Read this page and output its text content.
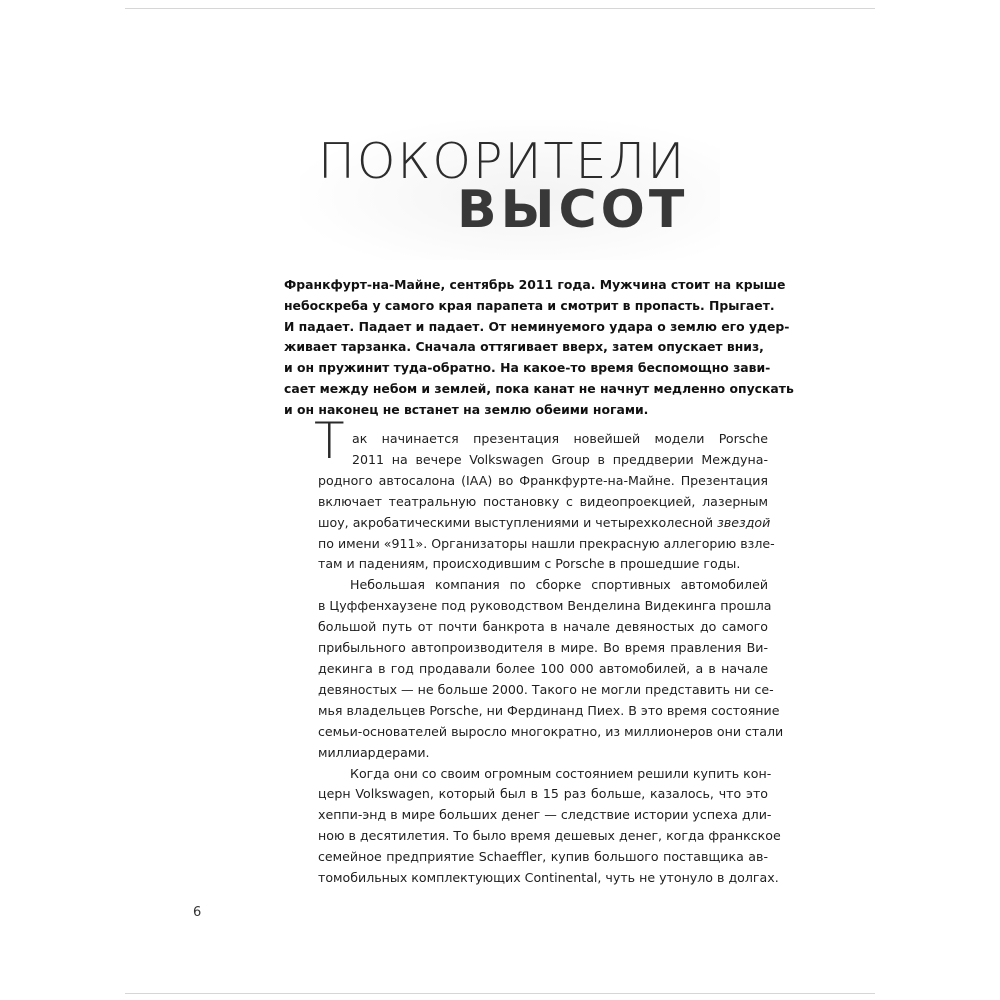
ПОКОРИТЕЛИ
ВЫСОТ
Франкфурт-на-Майне, сентябрь 2011 года. Мужчина стоит на крыше
небоскреба у самого края парапета и смотрит в пропасть. Прыгает.
И падает. Падает и падает. От неминуемого удара о землю его удер-
живает тарзанка. Сначала оттягивает вверх, затем опускает вниз,
и он пружинит туда-обратно. На какое-то время беспомощно зави-
сает между небом и землей, пока канат не начнут медленно опускать
и он наконец не встанет на землю обеими ногами.
Т ак начинается презентация новейшей модели Porsche
2011 на вечере Volkswagen Group в преддверии Междуна-
родного автосалона (IAA) во Франкфурте-на-Майне. Презентация
включает театральную постановку с видеопроекцией, лазерным
шоу, акробатическими выступлениями и четырехколесной звездой
по имени «911». Организаторы нашли прекрасную аллегорию взле-
там и падениям, происходившим с Porsche в прошедшие годы.
Небольшая компания по сборке спортивных автомобилей
в Цуффенхаузене под руководством Венделина Видекинга прошла
большой путь от почти банкрота в начале девяностых до самого
прибыльного автопроизводителя в мире. Во время правления Ви-
декинга в год продавали более 100 000 автомобилей, а в начале
девяностых — не больше 2000. Такого не могли представить ни се-
мья владельцев Porsche, ни Фердинанд Пиех. В это время состояние
семьи-основателей выросло многократно, из миллионеров они стали
миллиардерами.
Когда они со своим огромным состоянием решили купить кон-
церн Volkswagen, который был в 15 раз больше, казалось, что это
хеппи-энд в мире больших денег — следствие истории успеха дли-
ною в десятилетия. То было время дешевых денег, когда франкское
семейное предприятие Schaeffler, купив большого поставщика ав-
томобильных комплектующих Continental, чуть не утонуло в долгах.
6
